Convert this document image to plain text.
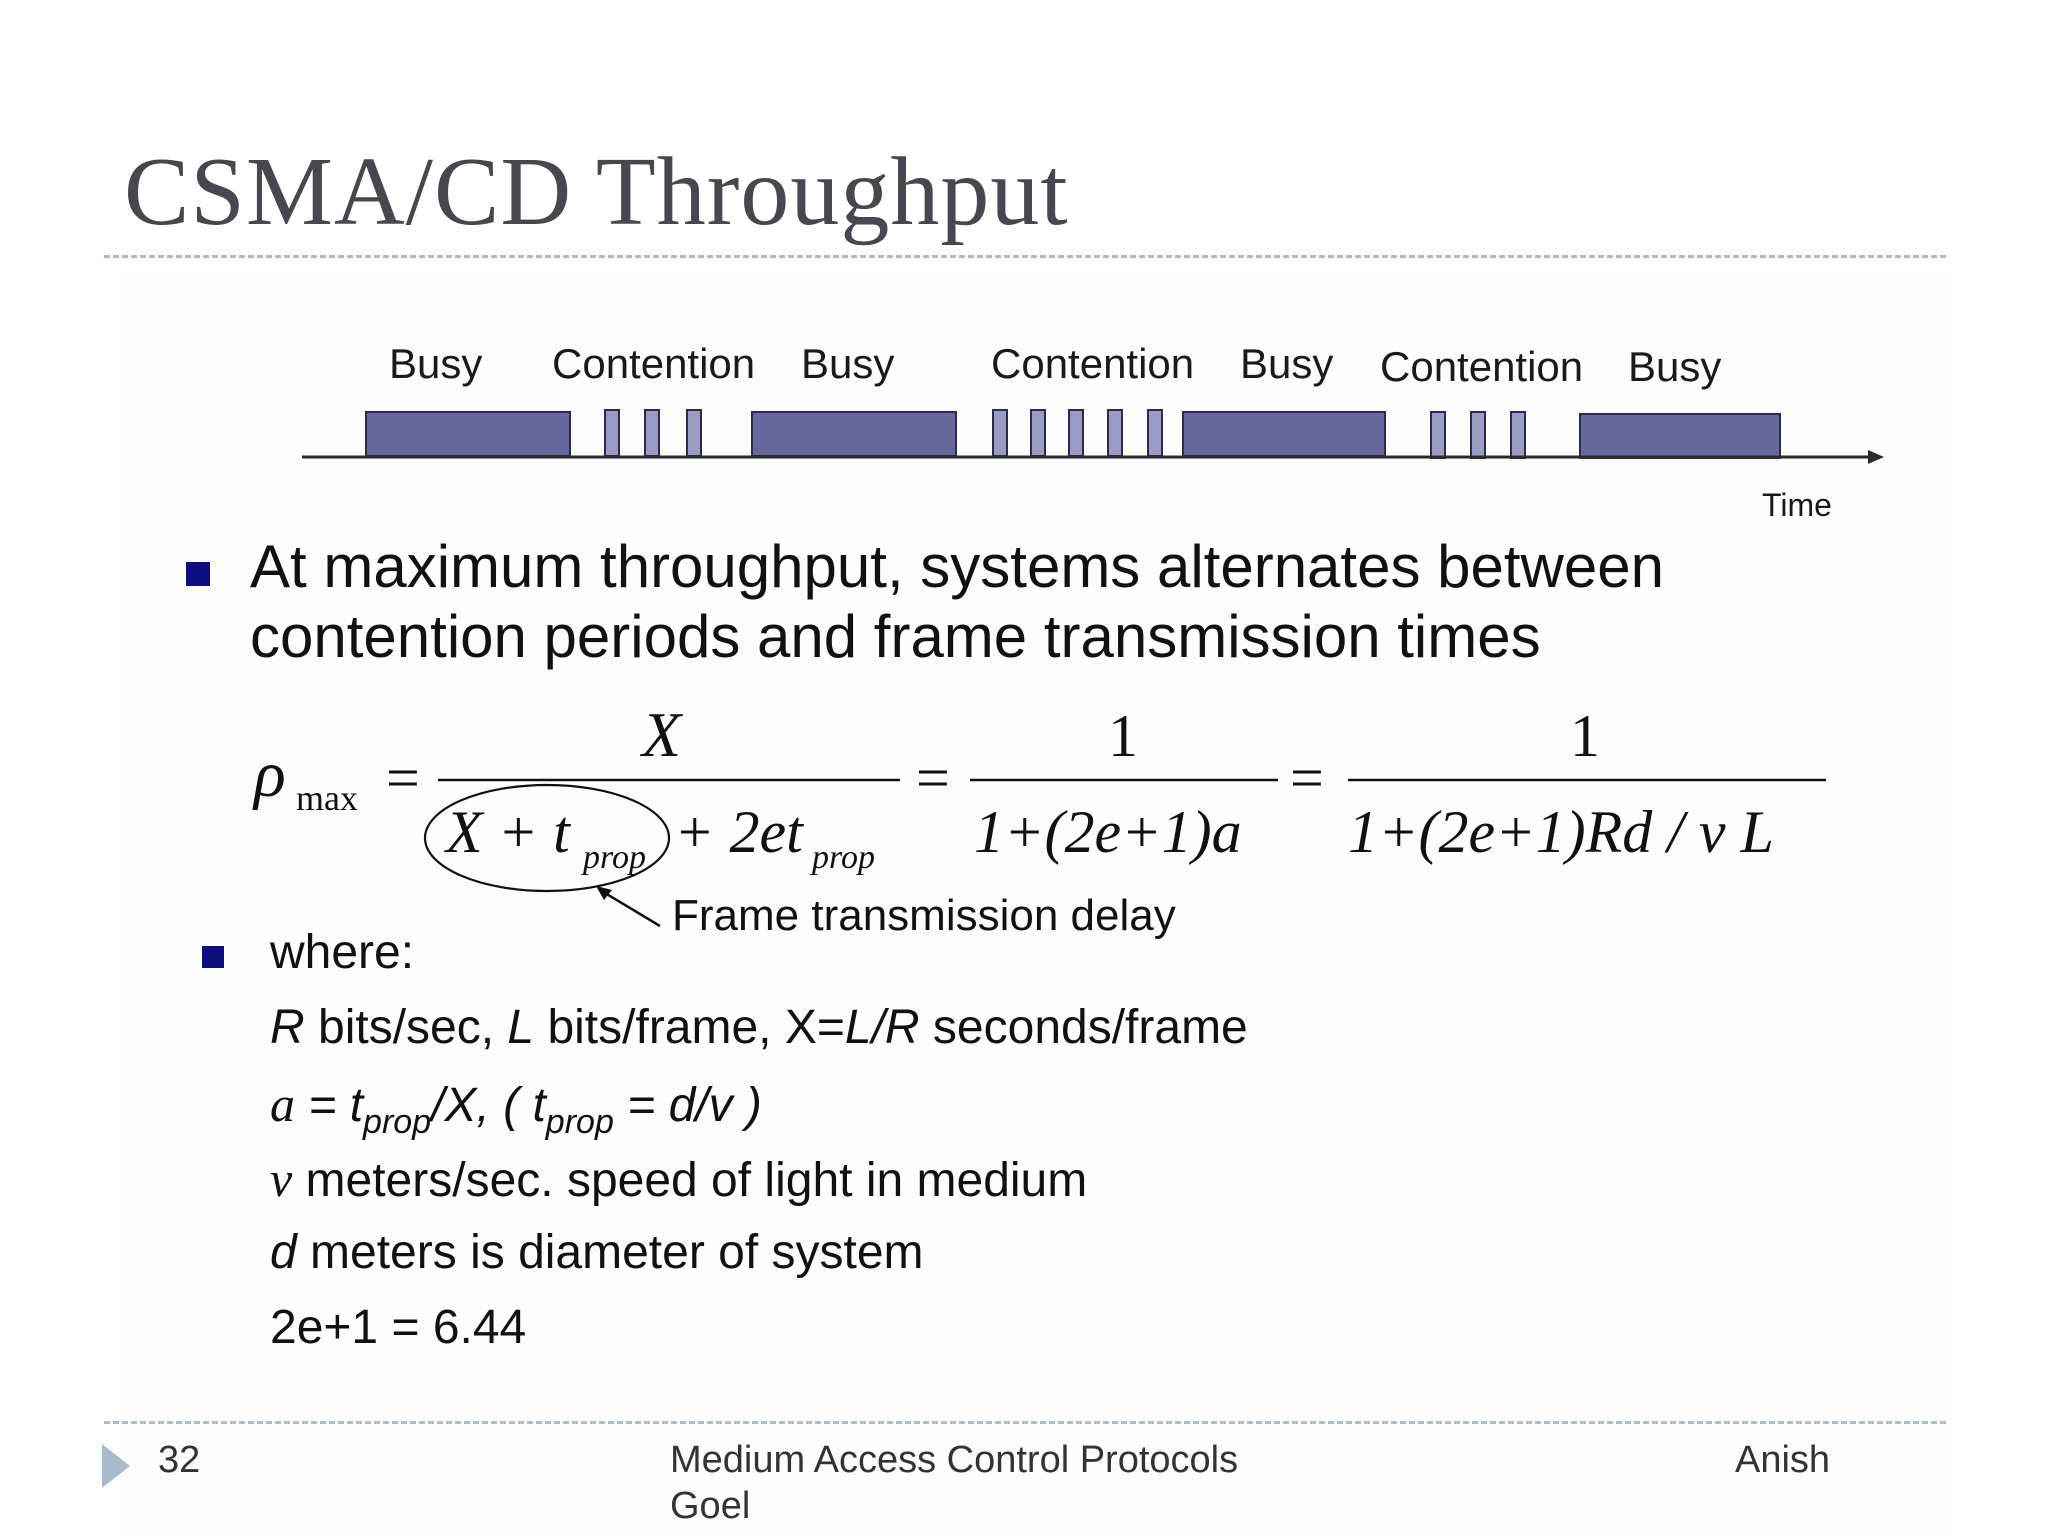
CSMA/CD Throughput
Busy Contention Busy Contention Busy Contention Busy
Time

At maximum throughput, systems alternates between contention periods and frame transmission times

ρ max =
X
X + t prop + 2et prop
=
1
1+(2e+1)a
=
1
1+(2e+1)Rd / ν L
Frame transmission delay

where:

R bits/sec, L bits/frame, X=L/R seconds/frame

$a = t_{prop}/X$, ( $t_{prop} = d/v$ )

ν meters/sec. speed of light in medium

d meters is diameter of system

2e+1 = 6.44

32	Medium Access Control Protocols
Goel

Anish
